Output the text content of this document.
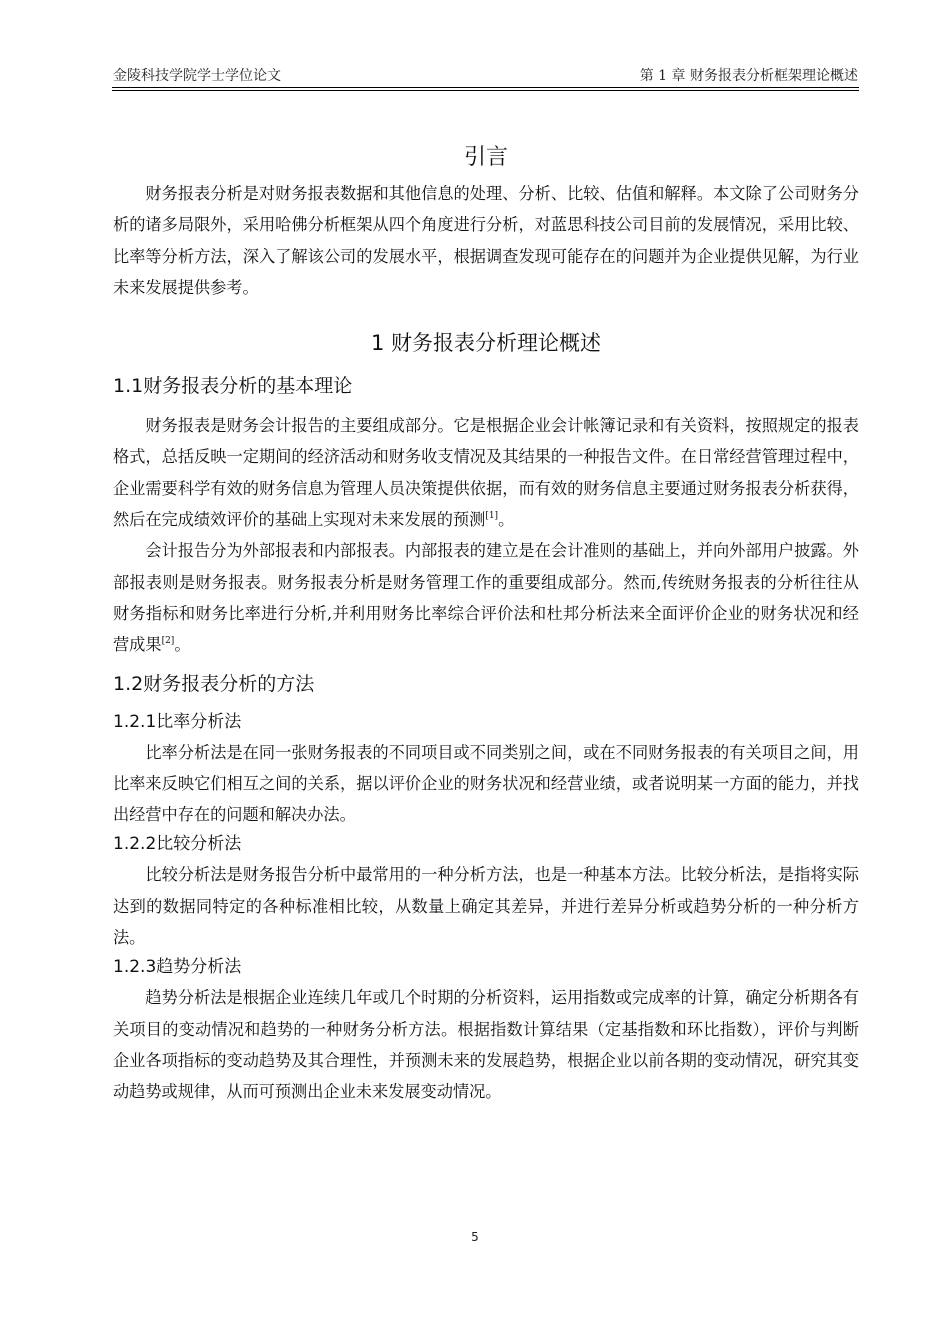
金陵科技学院学士学位论文	第 1 章 财务报表分析框架理论概述
引言

财务报表分析是对财务报表数据和其他信息的处理、分析、比较、估值和解释。本文除了公司财务分析的诸多局限外，采用哈佛分析框架从四个角度进行分析，对蓝思科技公司目前的发展情况，采用比较、比率等分析方法，深入了解该公司的发展水平，根据调查发现可能存在的问题并为企业提供见解，为行业未来发展提供参考。

1 财务报表分析理论概述
1.1财务报表分析的基本理论

财务报表是财务会计报告的主要组成部分。它是根据企业会计帐簿记录和有关资料，按照规定的报表格式，总括反映一定期间的经济活动和财务收支情况及其结果的一种报告文件。在日常经营管理过程中，企业需要科学有效的财务信息为管理人员决策提供依据，而有效的财务信息主要通过财务报表分析获得，然后在完成绩效评价的基础上实现对未来发展的预测[1]。

会计报告分为外部报表和内部报表。内部报表的建立是在会计准则的基础上，并向外部用户披露。外部报表则是财务报表。财务报表分析是财务管理工作的重要组成部分。然而,传统财务报表的分析往往从财务指标和财务比率进行分析,并利用财务比率综合评价法和杜邦分析法来全面评价企业的财务状况和经营成果[2]。

1.2财务报表分析的方法
1.2.1比率分析法

比率分析法是在同一张财务报表的不同项目或不同类别之间，或在不同财务报表的有关项目之间，用比率来反映它们相互之间的关系，据以评价企业的财务状况和经营业绩，或者说明某一方面的能力，并找出经营中存在的问题和解决办法。

1.2.2比较分析法

比较分析法是财务报告分析中最常用的一种分析方法，也是一种基本方法。比较分析法，是指将实际达到的数据同特定的各种标准相比较，从数量上确定其差异，并进行差异分析或趋势分析的一种分析方法。

1.2.3趋势分析法

趋势分析法是根据企业连续几年或几个时期的分析资料，运用指数或完成率的计算，确定分析期各有关项目的变动情况和趋势的一种财务分析方法。根据指数计算结果（定基指数和环比指数），评价与判断企业各项指标的变动趋势及其合理性，并预测未来的发展趋势，根据企业以前各期的变动情况，研究其变动趋势或规律，从而可预测出企业未来发展变动情况。

5
